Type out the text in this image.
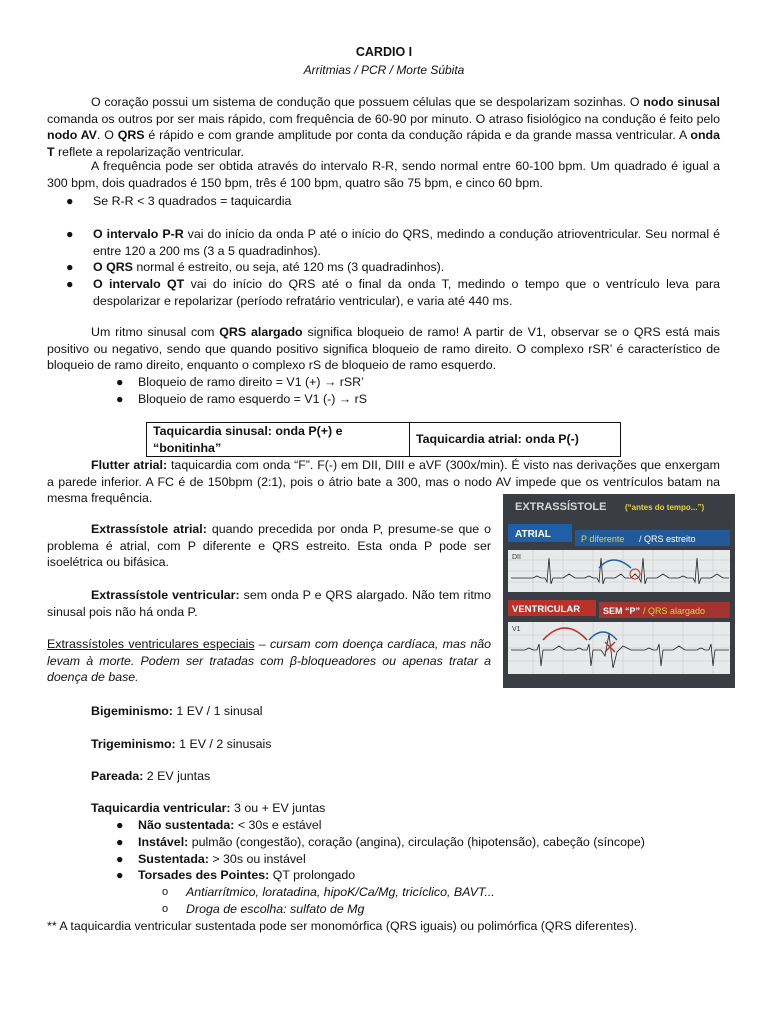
CARDIO I
Arritmias / PCR / Morte Súbita
O coração possui um sistema de condução que possuem células que se despolarizam sozinhas. O nodo sinusal comanda os outros por ser mais rápido, com frequência de 60-90 por minuto. O atraso fisiológico na condução é feito pelo nodo AV. O QRS é rápido e com grande amplitude por conta da condução rápida e da grande massa ventricular. A onda T reflete a repolarização ventricular.
A frequência pode ser obtida através do intervalo R-R, sendo normal entre 60-100 bpm. Um quadrado é igual a 300 bpm, dois quadrados é 150 bpm, três é 100 bpm, quatro são 75 bpm, e cinco 60 bpm.
● Se R-R < 3 quadrados = taquicardia
● O intervalo P-R vai do início da onda P até o início do QRS, medindo a condução atrioventricular. Seu normal é entre 120 a 200 ms (3 a 5 quadradinhos).
● O QRS normal é estreito, ou seja, até 120 ms (3 quadradinhos).
● O intervalo QT vai do início do QRS até o final da onda T, medindo o tempo que o ventrículo leva para despolarizar e repolarizar (período refratário ventricular), e varia até 440 ms.
Um ritmo sinusal com QRS alargado significa bloqueio de ramo! A partir de V1, observar se o QRS está mais positivo ou negativo, sendo que quando positivo significa bloqueio de ramo direito. O complexo rSR’ é característico de bloqueio de ramo direito, enquanto o complexo rS de bloqueio de ramo esquerdo.
● Bloqueio de ramo direito = V1 (+) → rSR’
● Bloqueio de ramo esquerdo = V1 (-) → rS
Taquicardia sinusal: onda P(+) e “bonitinha”	Taquicardia atrial: onda P(-)
Flutter atrial: taquicardia com onda “F”. F(-) em DII, DIII e aVF (300x/min). É visto nas derivações que enxergam a parede inferior. A FC é de 150bpm (2:1), pois o átrio bate a 300, mas o nodo AV impede que os ventrículos batam na mesma frequência.
Extrassístole atrial: quando precedida por onda P, presume-se que o problema é atrial, com P diferente e QRS estreito. Esta onda P pode ser isoelétrica ou bifásica.
Extrassístole ventricular: sem onda P e QRS alargado. Não tem ritmo sinusal pois não há onda P.
Extrassístoles ventriculares especiais – cursam com doença cardíaca, mas não levam à morte. Podem ser tratadas com β-bloqueadores ou apenas tratar a doença de base.
Bigeminismo: 1 EV / 1 sinusal
Trigeminismo: 1 EV / 2 sinusais
Pareada: 2 EV juntas
Taquicardia ventricular: 3 ou + EV juntas
● Não sustentada: < 30s e estável
● Instável: pulmão (congestão), coração (angina), circulação (hipotensão), cabeção (síncope)
● Sustentada: > 30s ou instável
● Torsades des Pointes: QT prolongado
o Antiarrítmico, loratadina, hipoK/Ca/Mg, tricíclico, BAVT...
o Droga de escolha: sulfato de Mg
** A taquicardia ventricular sustentada pode ser monomórfica (QRS iguais) ou polimórfica (QRS diferentes).
EXTRASSÍSTOLE (“antes do tempo...”)
ATRIAL	P diferente / QRS estreito
DII
VENTRICULAR	SEM “P” / QRS alargado
V1
